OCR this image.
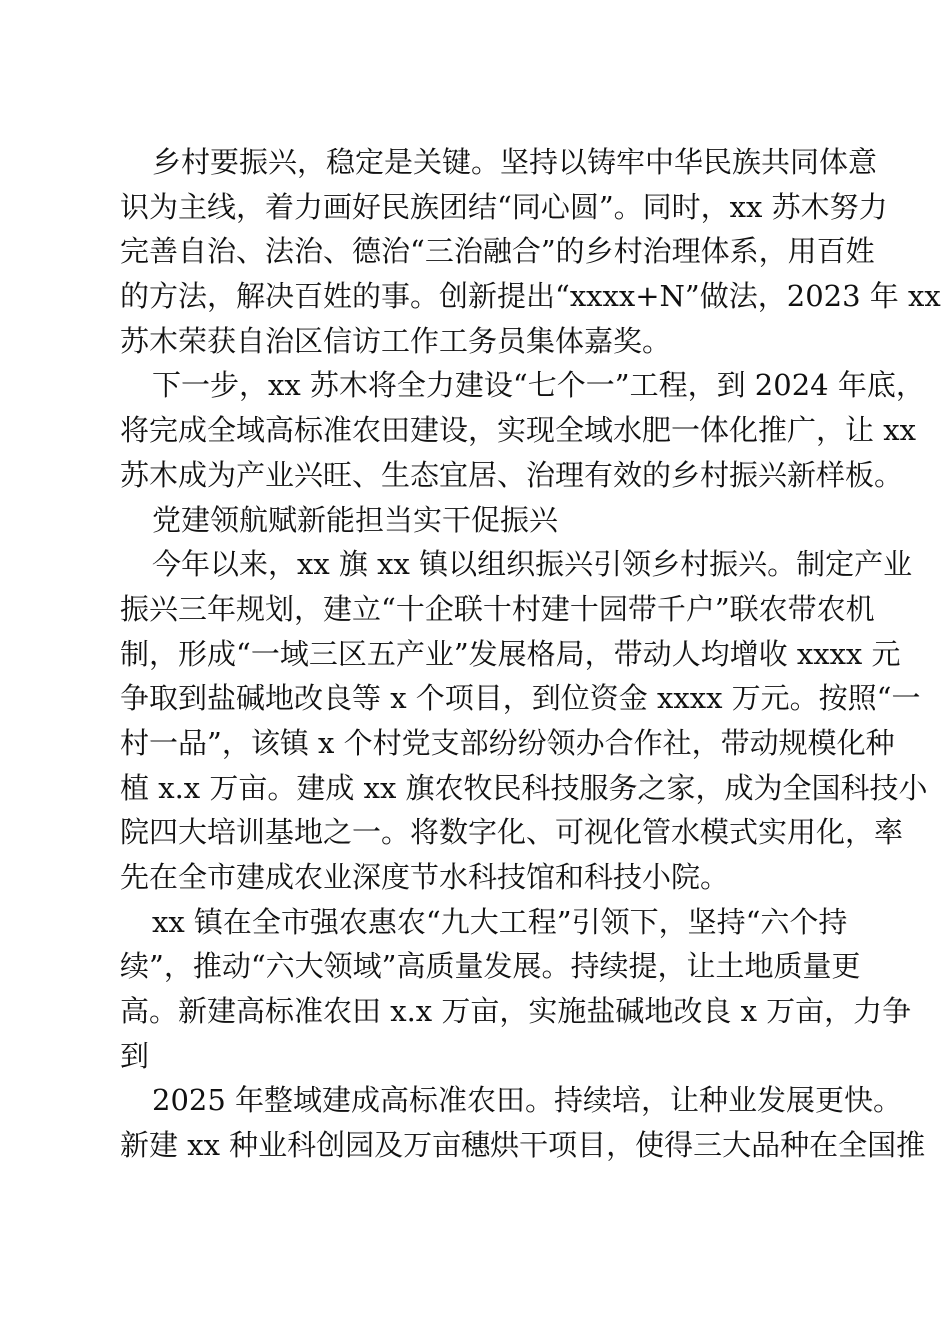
乡村要振兴，稳定是关键。坚持以铸牢中华民族共同体意
识为主线，着力画好民族团结“同心圆”。同时，xx 苏木努力
完善自治、法治、德治“三治融合”的乡村治理体系，用百姓
的方法，解决百姓的事。创新提出“xxxx+N”做法，2023 年 xx
苏木荣获自治区信访工作工务员集体嘉奖。
下一步，xx 苏木将全力建设“七个一”工程，到 2024 年底，
将完成全域高标准农田建设，实现全域水肥一体化推广，让 xx
苏木成为产业兴旺、生态宜居、治理有效的乡村振兴新样板。
党建领航赋新能担当实干促振兴
今年以来，xx 旗 xx 镇以组织振兴引领乡村振兴。制定产业
振兴三年规划，建立“十企联十村建十园带千户”联农带农机
制，形成“一域三区五产业”发展格局，带动人均增收 xxxx 元
争取到盐碱地改良等 x 个项目，到位资金 xxxx 万元。按照“一
村一品”，该镇 x 个村党支部纷纷领办合作社，带动规模化种
植 x.x 万亩。建成 xx 旗农牧民科技服务之家，成为全国科技小
院四大培训基地之一。将数字化、可视化管水模式实用化，率
先在全市建成农业深度节水科技馆和科技小院。
xx 镇在全市强农惠农“九大工程”引领下，坚持“六个持
续”，推动“六大领域”高质量发展。持续提，让土地质量更
高。新建高标准农田 x.x 万亩，实施盐碱地改良 x 万亩，力争
到
2025 年整域建成高标准农田。持续培，让种业发展更快。
新建 xx 种业科创园及万亩穗烘干项目，使得三大品种在全国推
